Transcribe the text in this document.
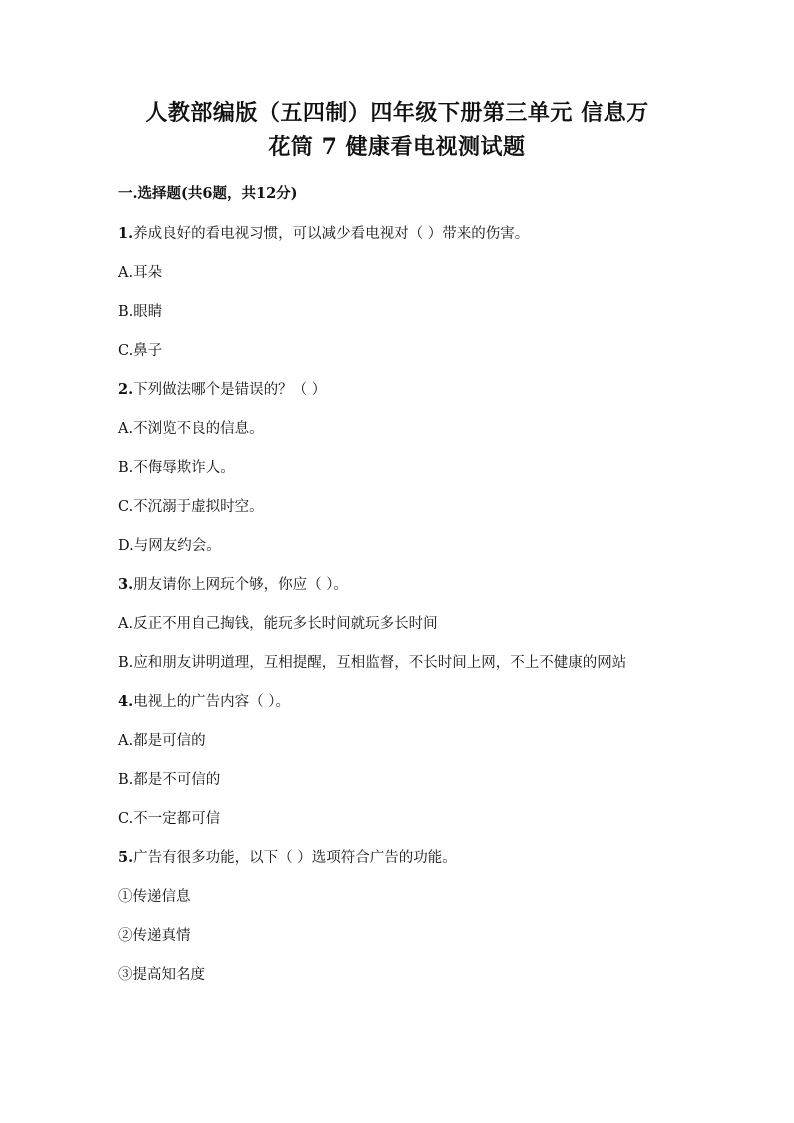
人教部编版（五四制）四年级下册第三单元 信息万
花筒 7 健康看电视测试题
一.选择题(共6题，共12分)
1.养成良好的看电视习惯，可以减少看电视对（ ）带来的伤害。
A.耳朵
B.眼睛
C.鼻子
2.下列做法哪个是错误的？（ ）
A.不浏览不良的信息。
B.不侮辱欺诈人。
C.不沉溺于虚拟时空。
D.与网友约会。
3.朋友请你上网玩个够，你应（ ）。
A.反正不用自己掏钱，能玩多长时间就玩多长时间
B.应和朋友讲明道理，互相提醒，互相监督，不长时间上网，不上不健康的网站
4.电视上的广告内容（ ）。
A.都是可信的
B.都是不可信的
C.不一定都可信
5.广告有很多功能，以下（ ）选项符合广告的功能。
①传递信息
②传递真情
③提高知名度
